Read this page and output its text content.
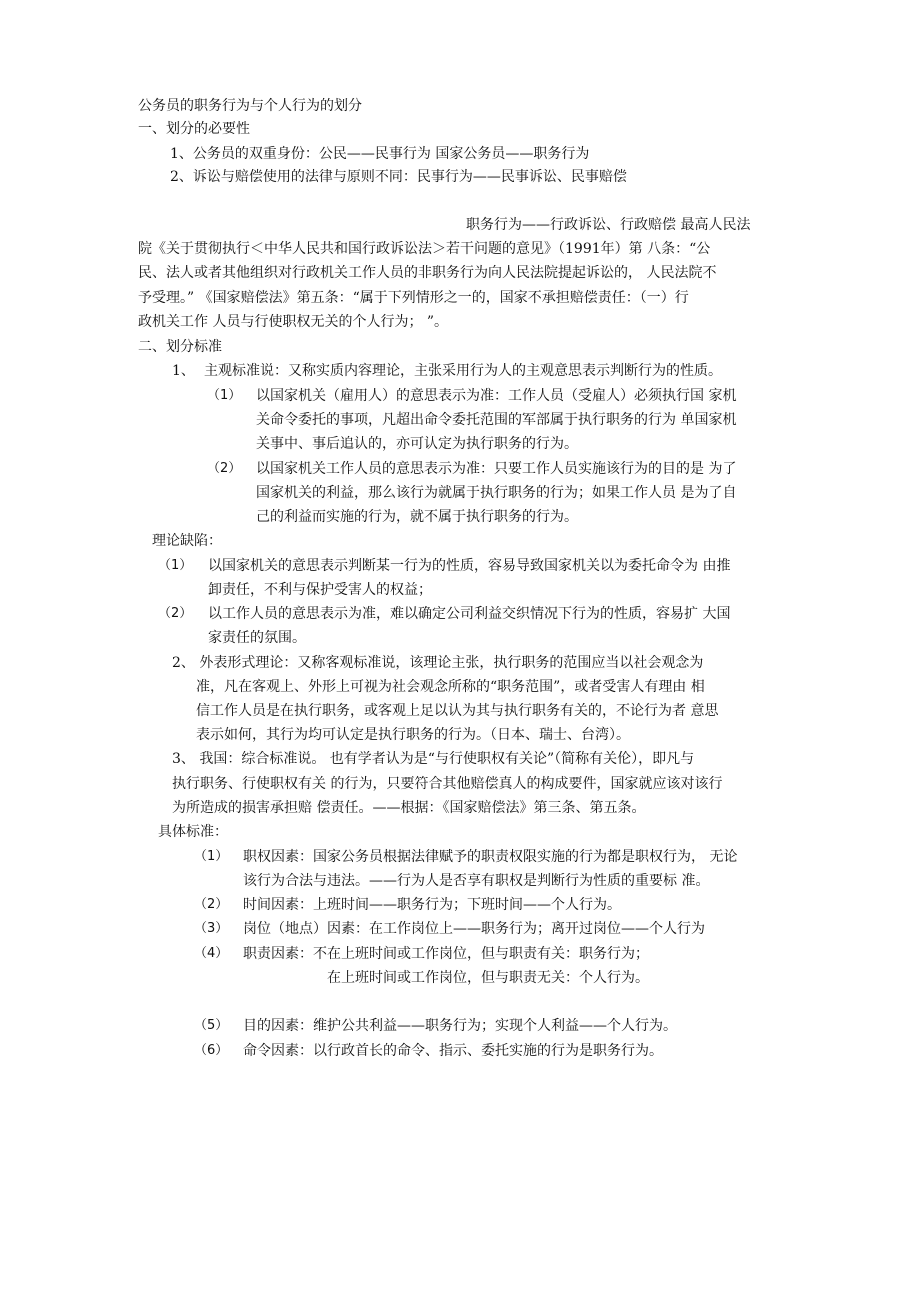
公务员的职务行为与个人行为的划分
一、划分的必要性
1、公务员的双重身份：公民——民事行为 国家公务员——职务行为
2、诉讼与赔偿使用的法律与原则不同：民事行为——民事诉讼、民事赔偿
职务行为——行政诉讼、行政赔偿 最高人民法
院《关于贯彻执行＜中华人民共和国行政诉讼法＞若干问题的意见》（1991年）第 八条：“公
民、法人或者其他组织对行政机关工作人员的非职务行为向人民法院提起诉讼的， 人民法院不
予受理。” 《国家赔偿法》第五条：“属于下列情形之一的，国家不承担赔偿责任：（一）行
政机关工作 人员与行使职权无关的个人行为； ”。
二、划分标准
1、 主观标准说：又称实质内容理论，主张采用行为人的主观意思表示判断行为的性质。
（1） 以国家机关（雇用人）的意思表示为准：工作人员（受雇人）必须执行国 家机
关命令委托的事项，凡超出命令委托范围的军部属于执行职务的行为 单国家机
关事中、事后追认的，亦可认定为执行职务的行为。
（2） 以国家机关工作人员的意思表示为准：只要工作人员实施该行为的目的是 为了
国家机关的利益，那么该行为就属于执行职务的行为；如果工作人员 是为了自
己的利益而实施的行为，就不属于执行职务的行为。
理论缺陷：
（1） 以国家机关的意思表示判断某一行为的性质，容易导致国家机关以为委托命令为 由推
卸责任，不利与保护受害人的权益；
（2） 以工作人员的意思表示为准，难以确定公司利益交织情况下行为的性质，容易扩 大国
家责任的氛围。
2、 外表形式理论：又称客观标准说，该理论主张，执行职务的范围应当以社会观念为
准，凡在客观上、外形上可视为社会观念所称的“职务范围”，或者受害人有理由 相
信工作人员是在执行职务，或客观上足以认为其与执行职务有关的，不论行为者 意思
表示如何，其行为均可认定是执行职务的行为。（日本、瑞士、台湾）。
3、 我国：综合标准说。 也有学者认为是“与行使职权有关论”（简称有关伦），即凡与
执行职务、行使职权有关 的行为，只要符合其他赔偿真人的构成要件，国家就应该对该行
为所造成的损害承担赔 偿责任。——根据：《国家赔偿法》第三条、第五条。
具体标准：
（1） 职权因素：国家公务员根据法律赋予的职责权限实施的行为都是职权行为， 无论
该行为合法与违法。——行为人是否享有职权是判断行为性质的重要标 准。
（2） 时间因素：上班时间——职务行为；下班时间——个人行为。
（3） 岗位（地点）因素：在工作岗位上——职务行为；离开过岗位——个人行为
（4） 职责因素：不在上班时间或工作岗位，但与职责有关：职务行为；
在上班时间或工作岗位，但与职责无关：个人行为。
（5） 目的因素：维护公共利益——职务行为；实现个人利益——个人行为。
（6） 命令因素：以行政首长的命令、指示、委托实施的行为是职务行为。
